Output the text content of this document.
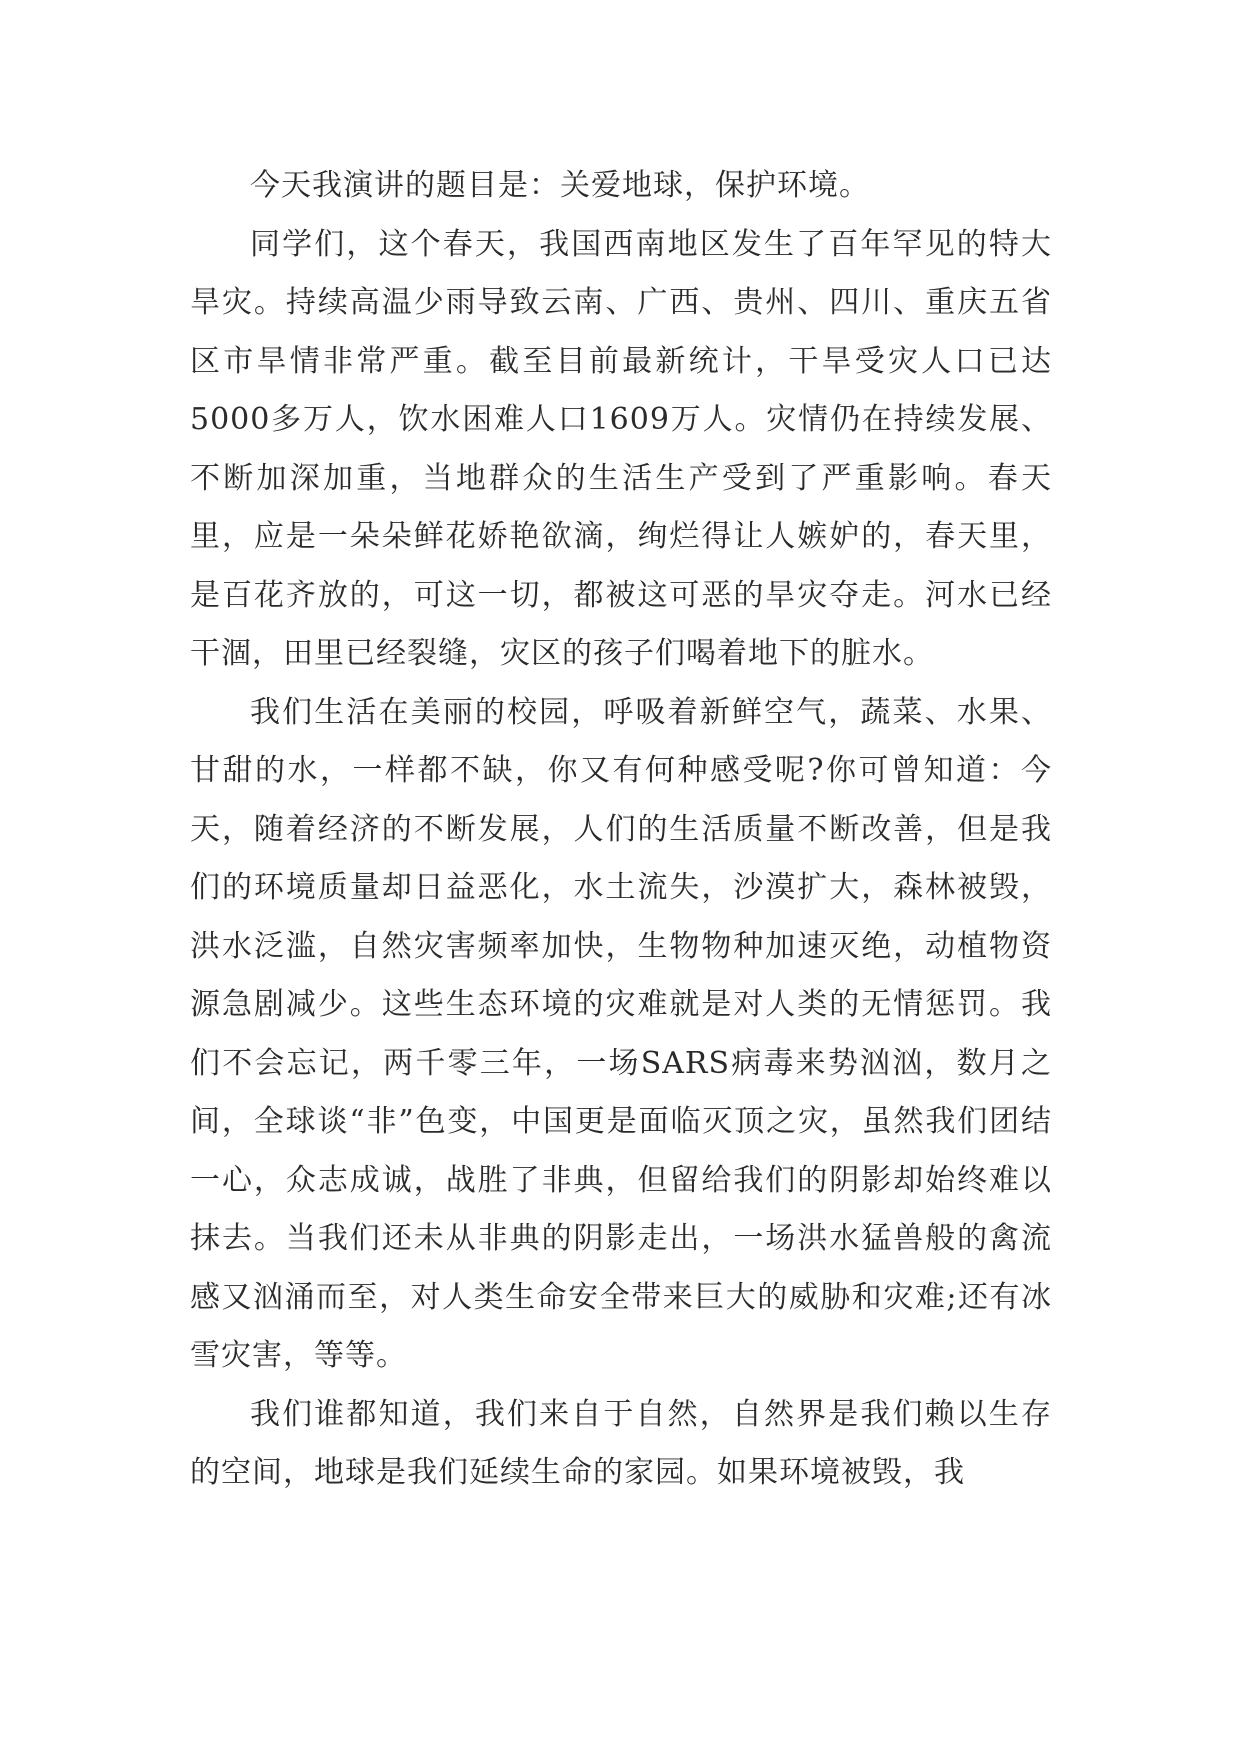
今天我演讲的题目是：关爱地球，保护环境。

同学们，这个春天，我国西南地区发生了百年罕见的特大旱灾。持续高温少雨导致云南、广西、贵州、四川、重庆五省区市旱情非常严重。截至目前最新统计，干旱受灾人口已达5000多万人，饮水困难人口1609万人。灾情仍在持续发展、不断加深加重，当地群众的生活生产受到了严重影响。春天里，应是一朵朵鲜花娇艳欲滴，绚烂得让人嫉妒的，春天里，是百花齐放的，可这一切，都被这可恶的旱灾夺走。河水已经干涸，田里已经裂缝，灾区的孩子们喝着地下的脏水。

我们生活在美丽的校园，呼吸着新鲜空气，蔬菜、水果、甘甜的水，一样都不缺，你又有何种感受呢?你可曾知道：今天，随着经济的不断发展，人们的生活质量不断改善，但是我们的环境质量却日益恶化，水土流失，沙漠扩大，森林被毁，洪水泛滥，自然灾害频率加快，生物物种加速灭绝，动植物资源急剧减少。这些生态环境的灾难就是对人类的无情惩罚。我们不会忘记，两千零三年，一场SARS病毒来势汹汹，数月之间，全球谈“非”色变，中国更是面临灭顶之灾，虽然我们团结一心，众志成诚，战胜了非典，但留给我们的阴影却始终难以抹去。当我们还未从非典的阴影走出，一场洪水猛兽般的禽流感又汹涌而至，对人类生命安全带来巨大的威胁和灾难;还有冰雪灾害，等等。

我们谁都知道，我们来自于自然，自然界是我们赖以生存的空间，地球是我们延续生命的家园。如果环境被毁，我
